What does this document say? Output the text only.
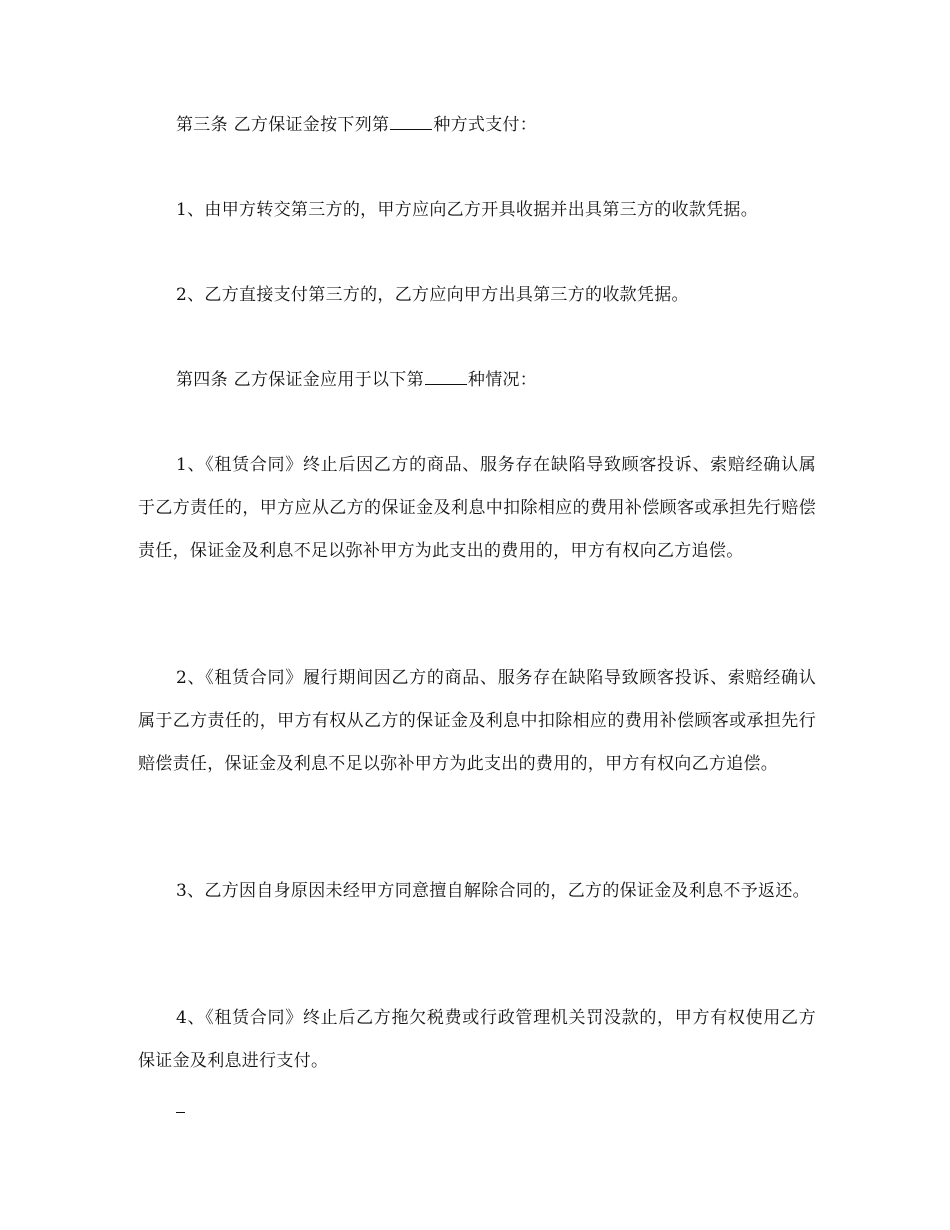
第三条 乙方保证金按下列第	种方式支付：

1、由甲方转交第三方的，甲方应向乙方开具收据并出具第三方的收款凭据。

2、乙方直接支付第三方的，乙方应向甲方出具第三方的收款凭据。

第四条 乙方保证金应用于以下第	种情况：

1、《租赁合同》终止后因乙方的商品、服务存在缺陷导致顾客投诉、索赔经确认属于乙方责任的，甲方应从乙方的保证金及利息中扣除相应的费用补偿顾客或承担先行赔偿责任，保证金及利息不足以弥补甲方为此支出的费用的，甲方有权向乙方追偿。

2、《租赁合同》履行期间因乙方的商品、服务存在缺陷导致顾客投诉、索赔经确认属于乙方责任的，甲方有权从乙方的保证金及利息中扣除相应的费用补偿顾客或承担先行赔偿责任，保证金及利息不足以弥补甲方为此支出的费用的，甲方有权向乙方追偿。

3、乙方因自身原因未经甲方同意擅自解除合同的，乙方的保证金及利息不予返还。

4、《租赁合同》终止后乙方拖欠税费或行政管理机关罚没款的，甲方有权使用乙方保证金及利息进行支付。
